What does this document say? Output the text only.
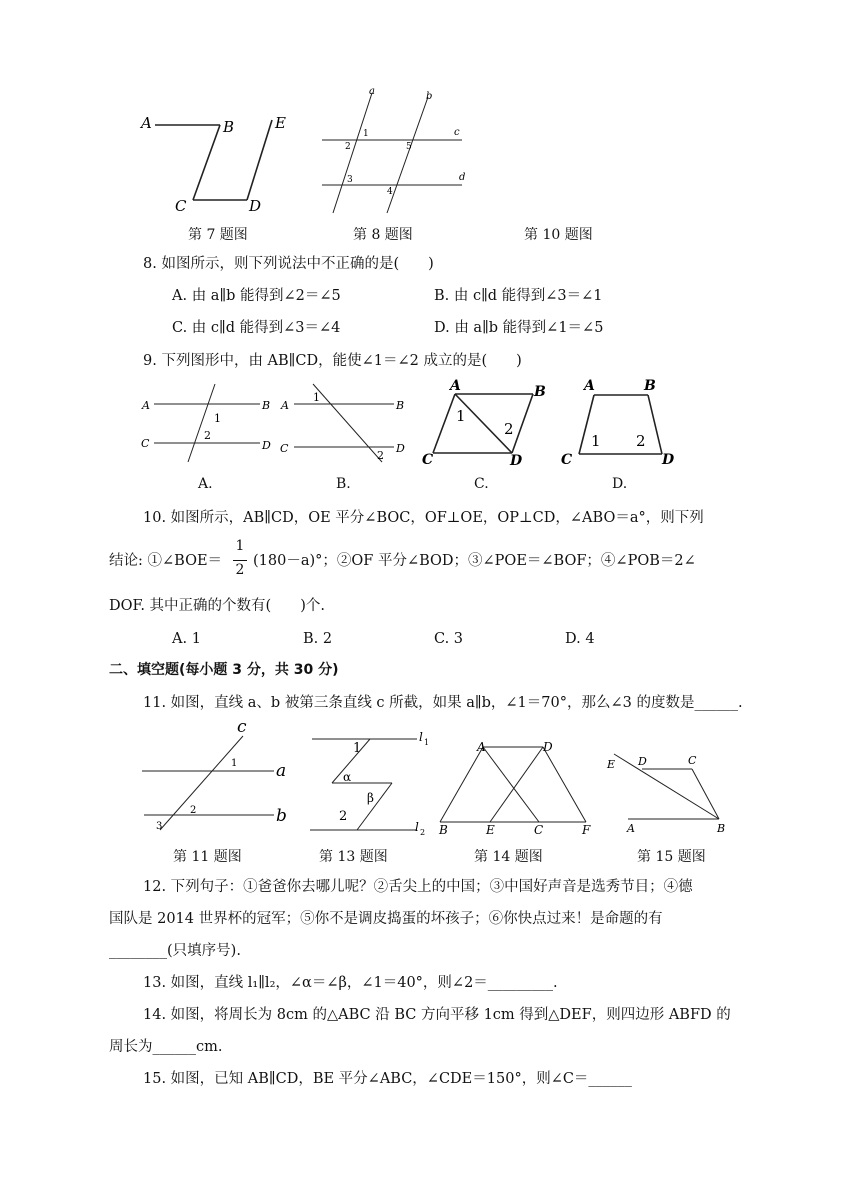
A	B	E
C	D
a	b
c
d
1
2
3
4
5
第 7 题图	第 8 题图	第 10 题图
8. 如图所示，则下列说法中不正确的是(　　)
A. 由 a∥b 能得到∠2＝∠5	B. 由 c∥d 能得到∠3＝∠1
C. 由 c∥d 能得到∠3＝∠4	D. 由 a∥b 能得到∠1＝∠5
9. 下列图形中，由 AB∥CD，能使∠1＝∠2 成立的是(　　)
A	B
C	D
1
2
A	B
C	D
1
2
A	B
C	D
1
2
A	B
C	D
1 2
A.	B.	C.	D.
10. 如图所示，AB∥CD，OE 平分∠BOC，OF⊥OE，OP⊥CD，∠ABO＝a°，则下列
结论: ①∠BOE＝
1
2
(180－a)°；②OF 平分∠BOD；③∠POE＝∠BOF；④∠POB＝2∠
DOF. 其中正确的个数有(　　)个.
A. 1	B. 2	C. 3	D. 4
二、填空题(每小题 3 分，共 30 分)
11. 如图，直线 a、b 被第三条直线 c 所截，如果 a∥b，∠1＝70°，那么∠3 的度数是______.
c
a
b
1
2
3
l 1
l 2
1
α
β
2
A	D
B	E	C	F
E D	C
A	B
第 11 题图	第 13 题图	第 14 题图	第 15 题图
12. 下列句子：①爸爸你去哪儿呢？②舌尖上的中国；③中国好声音是选秀节目；④德
国队是 2014 世界杯的冠军；⑤你不是调皮捣蛋的坏孩子；⑥你快点过来！是命题的有
________(只填序号).
13. 如图，直线 l₁∥l₂，∠α＝∠β，∠1＝40°，则∠2＝_________.
14. 如图，将周长为 8cm 的△ABC 沿 BC 方向平移 1cm 得到△DEF，则四边形 ABFD 的
周长为______cm.
15. 如图，已知 AB∥CD，BE 平分∠ABC，∠CDE＝150°，则∠C＝______
